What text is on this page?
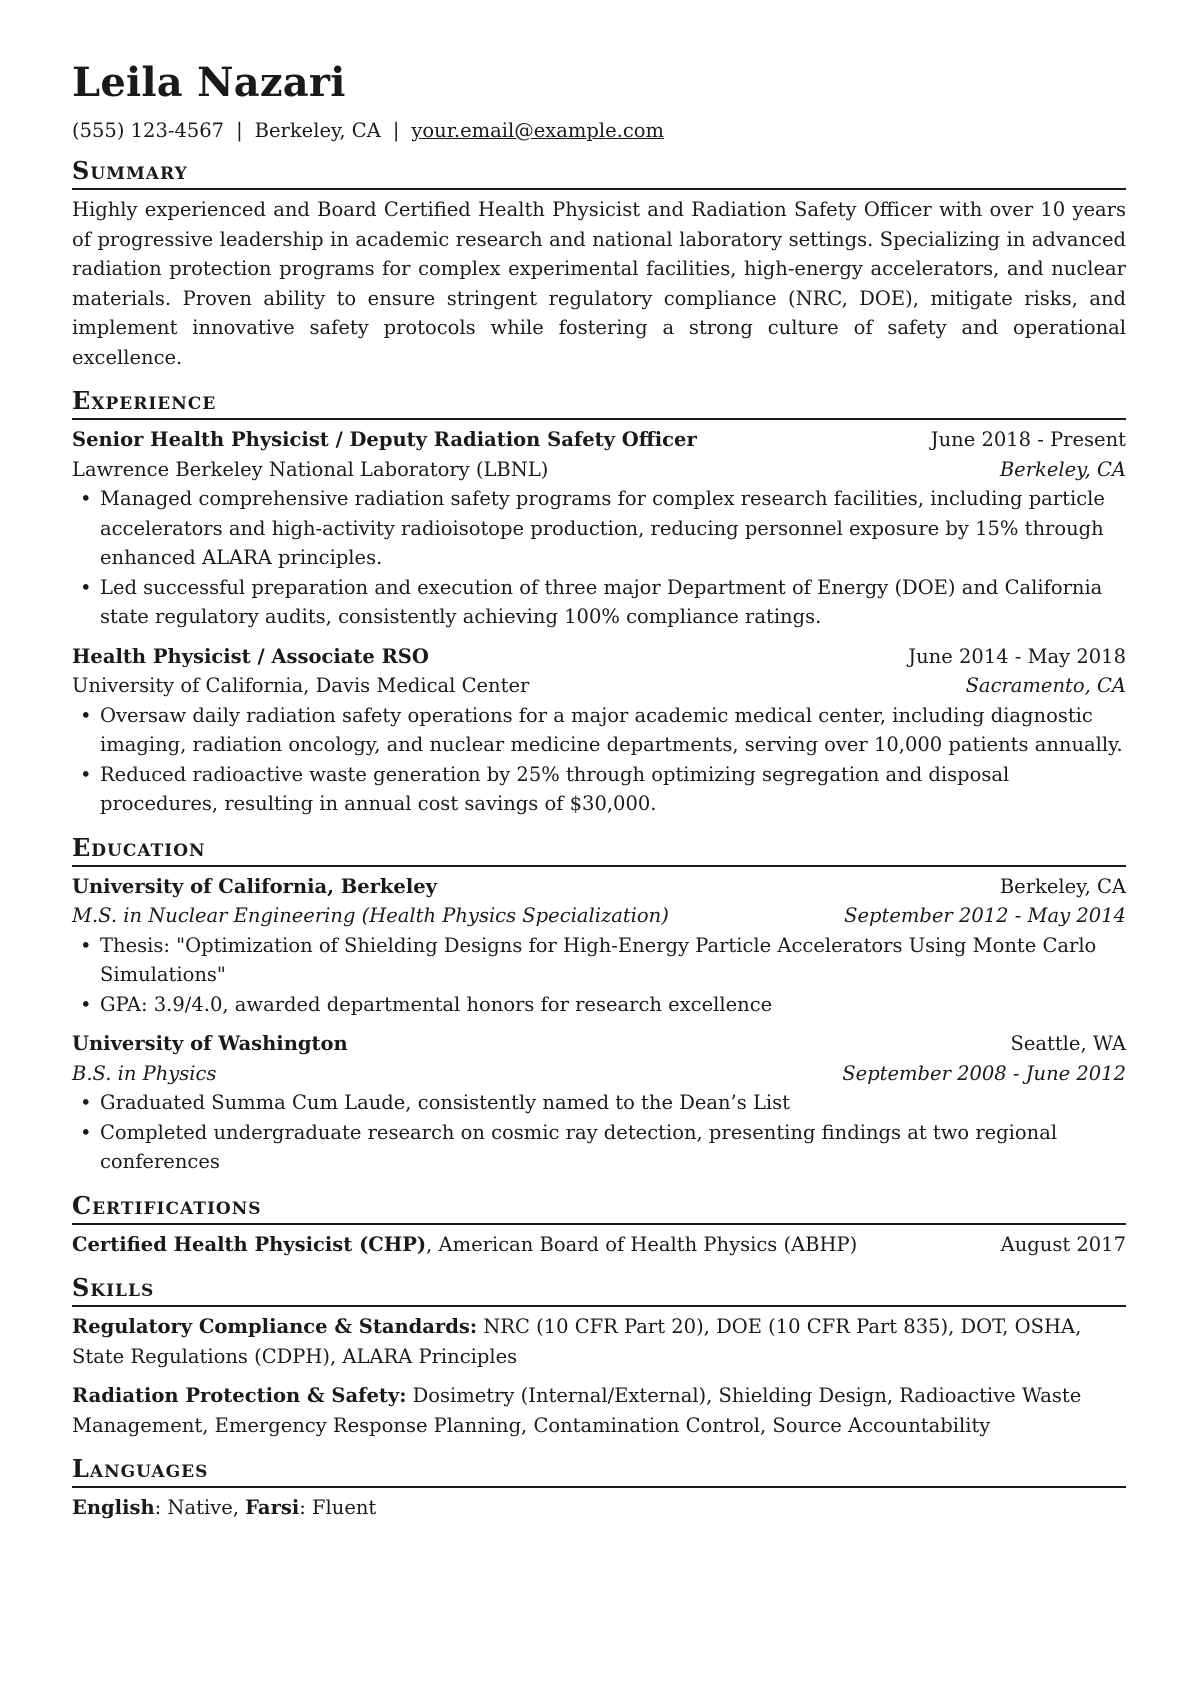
Leila Nazari
(555) 123-4567 | Berkeley, CA | your.email@example.com
Summary

Highly experienced and Board Certified Health Physicist and Radiation Safety Officer with over 10 years of progressive leadership in academic research and national laboratory settings. Specializing in advanced radiation protection programs for complex experimental facilities, high-energy accelerators, and nuclear materials. Proven ability to ensure stringent regulatory compliance (NRC, DOE), mitigate risks, and implement innovative safety protocols while fostering a strong culture of safety and operational excellence.

Experience
Senior Health Physicist / Deputy Radiation Safety Officer	June 2018 - Present
Lawrence Berkeley National Laboratory (LBNL)	Berkeley, CA
• Managed comprehensive radiation safety programs for complex research facilities, including particle accelerators and high-activity radioisotope production, reducing personnel exposure by 15% through enhanced ALARA principles.
• Led successful preparation and execution of three major Department of Energy (DOE) and California state regulatory audits, consistently achieving 100% compliance ratings.
Health Physicist / Associate RSO	June 2014 - May 2018
University of California, Davis Medical Center	Sacramento, CA
• Oversaw daily radiation safety operations for a major academic medical center, including diagnostic imaging, radiation oncology, and nuclear medicine departments, serving over 10,000 patients annually.
• Reduced radioactive waste generation by 25% through optimizing segregation and disposal procedures, resulting in annual cost savings of $30,000.
Education
University of California, Berkeley	Berkeley, CA
M.S. in Nuclear Engineering (Health Physics Specialization)	September 2012 - May 2014
• Thesis: "Optimization of Shielding Designs for High-Energy Particle Accelerators Using Monte Carlo Simulations"
• GPA: 3.9/4.0, awarded departmental honors for research excellence
University of Washington	Seattle, WA
B.S. in Physics	September 2008 - June 2012
• Graduated Summa Cum Laude, consistently named to the Dean’s List
• Completed undergraduate research on cosmic ray detection, presenting findings at two regional conferences
Certifications
Certified Health Physicist (CHP), American Board of Health Physics (ABHP)	August 2017
Skills
Regulatory Compliance & Standards: NRC (10 CFR Part 20), DOE (10 CFR Part 835), DOT, OSHA, State Regulations (CDPH), ALARA Principles
Radiation Protection & Safety: Dosimetry (Internal/External), Shielding Design, Radioactive Waste Management, Emergency Response Planning, Contamination Control, Source Accountability
Languages
English: Native, Farsi: Fluent
